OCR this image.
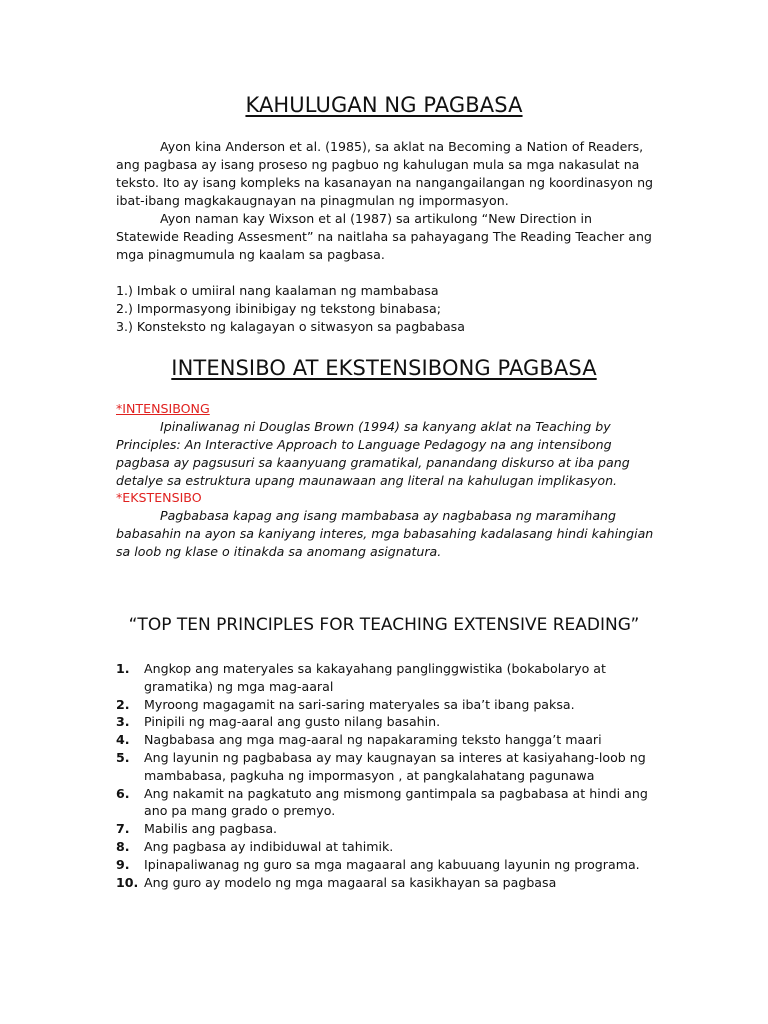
KAHULUGAN NG PAGBASA
Ayon kina Anderson et al. (1985), sa aklat na Becoming a Nation of Readers,
ang pagbasa ay isang proseso ng pagbuo ng kahulugan mula sa mga nakasulat na
teksto. Ito ay isang kompleks na kasanayan na nangangailangan ng koordinasyon ng
ibat-ibang magkakaugnayan na pinagmulan ng impormasyon.
Ayon naman kay Wixson et al (1987) sa artikulong “New Direction in
Statewide Reading Assesment” na naitlaha sa pahayagang The Reading Teacher ang
mga pinagmumula ng kaalam sa pagbasa.
1.) Imbak o umiiral nang kaalaman ng mambabasa
2.) Impormasyong ibinibigay ng tekstong binabasa;
3.) Konsteksto ng kalagayan o sitwasyon sa pagbabasa
INTENSIBO AT EKSTENSIBONG PAGBASA
*INTENSIBONG
Ipinaliwanag ni Douglas Brown (1994) sa kanyang aklat na Teaching by
Principles: An Interactive Approach to Language Pedagogy na ang intensibong
pagbasa ay pagsusuri sa kaanyuang gramatikal, panandang diskurso at iba pang
detalye sa estruktura upang maunawaan ang literal na kahulugan implikasyon.
*EKSTENSIBO
Pagbabasa kapag ang isang mambabasa ay nagbabasa ng maramihang
babasahin na ayon sa kaniyang interes, mga babasahing kadalasang hindi kahingian
sa loob ng klase o itinakda sa anomang asignatura.
“TOP TEN PRINCIPLES FOR TEACHING EXTENSIVE READING”
1.	Angkop ang materyales sa kakayahang panglinggwistika (bokabolaryo at
gramatika) ng mga mag-aaral
2.	Myroong magagamit na sari-saring materyales sa iba’t ibang paksa.
3.	Pinipili ng mag-aaral ang gusto nilang basahin.
4.	Nagbabasa ang mga mag-aaral ng napakaraming teksto hangga’t maari
5.	Ang layunin ng pagbabasa ay may kaugnayan sa interes at kasiyahang-loob ng
mambabasa, pagkuha ng impormasyon , at pangkalahatang pagunawa
6.	Ang nakamit na pagkatuto ang mismong gantimpala sa pagbabasa at hindi ang
ano pa mang grado o premyo.
7.	Mabilis ang pagbasa.
8.	Ang pagbasa ay indibiduwal at tahimik.
9.	Ipinapaliwanag ng guro sa mga magaaral ang kabuuang layunin ng programa.
10. Ang guro ay modelo ng mga magaaral sa kasikhayan sa pagbasa
